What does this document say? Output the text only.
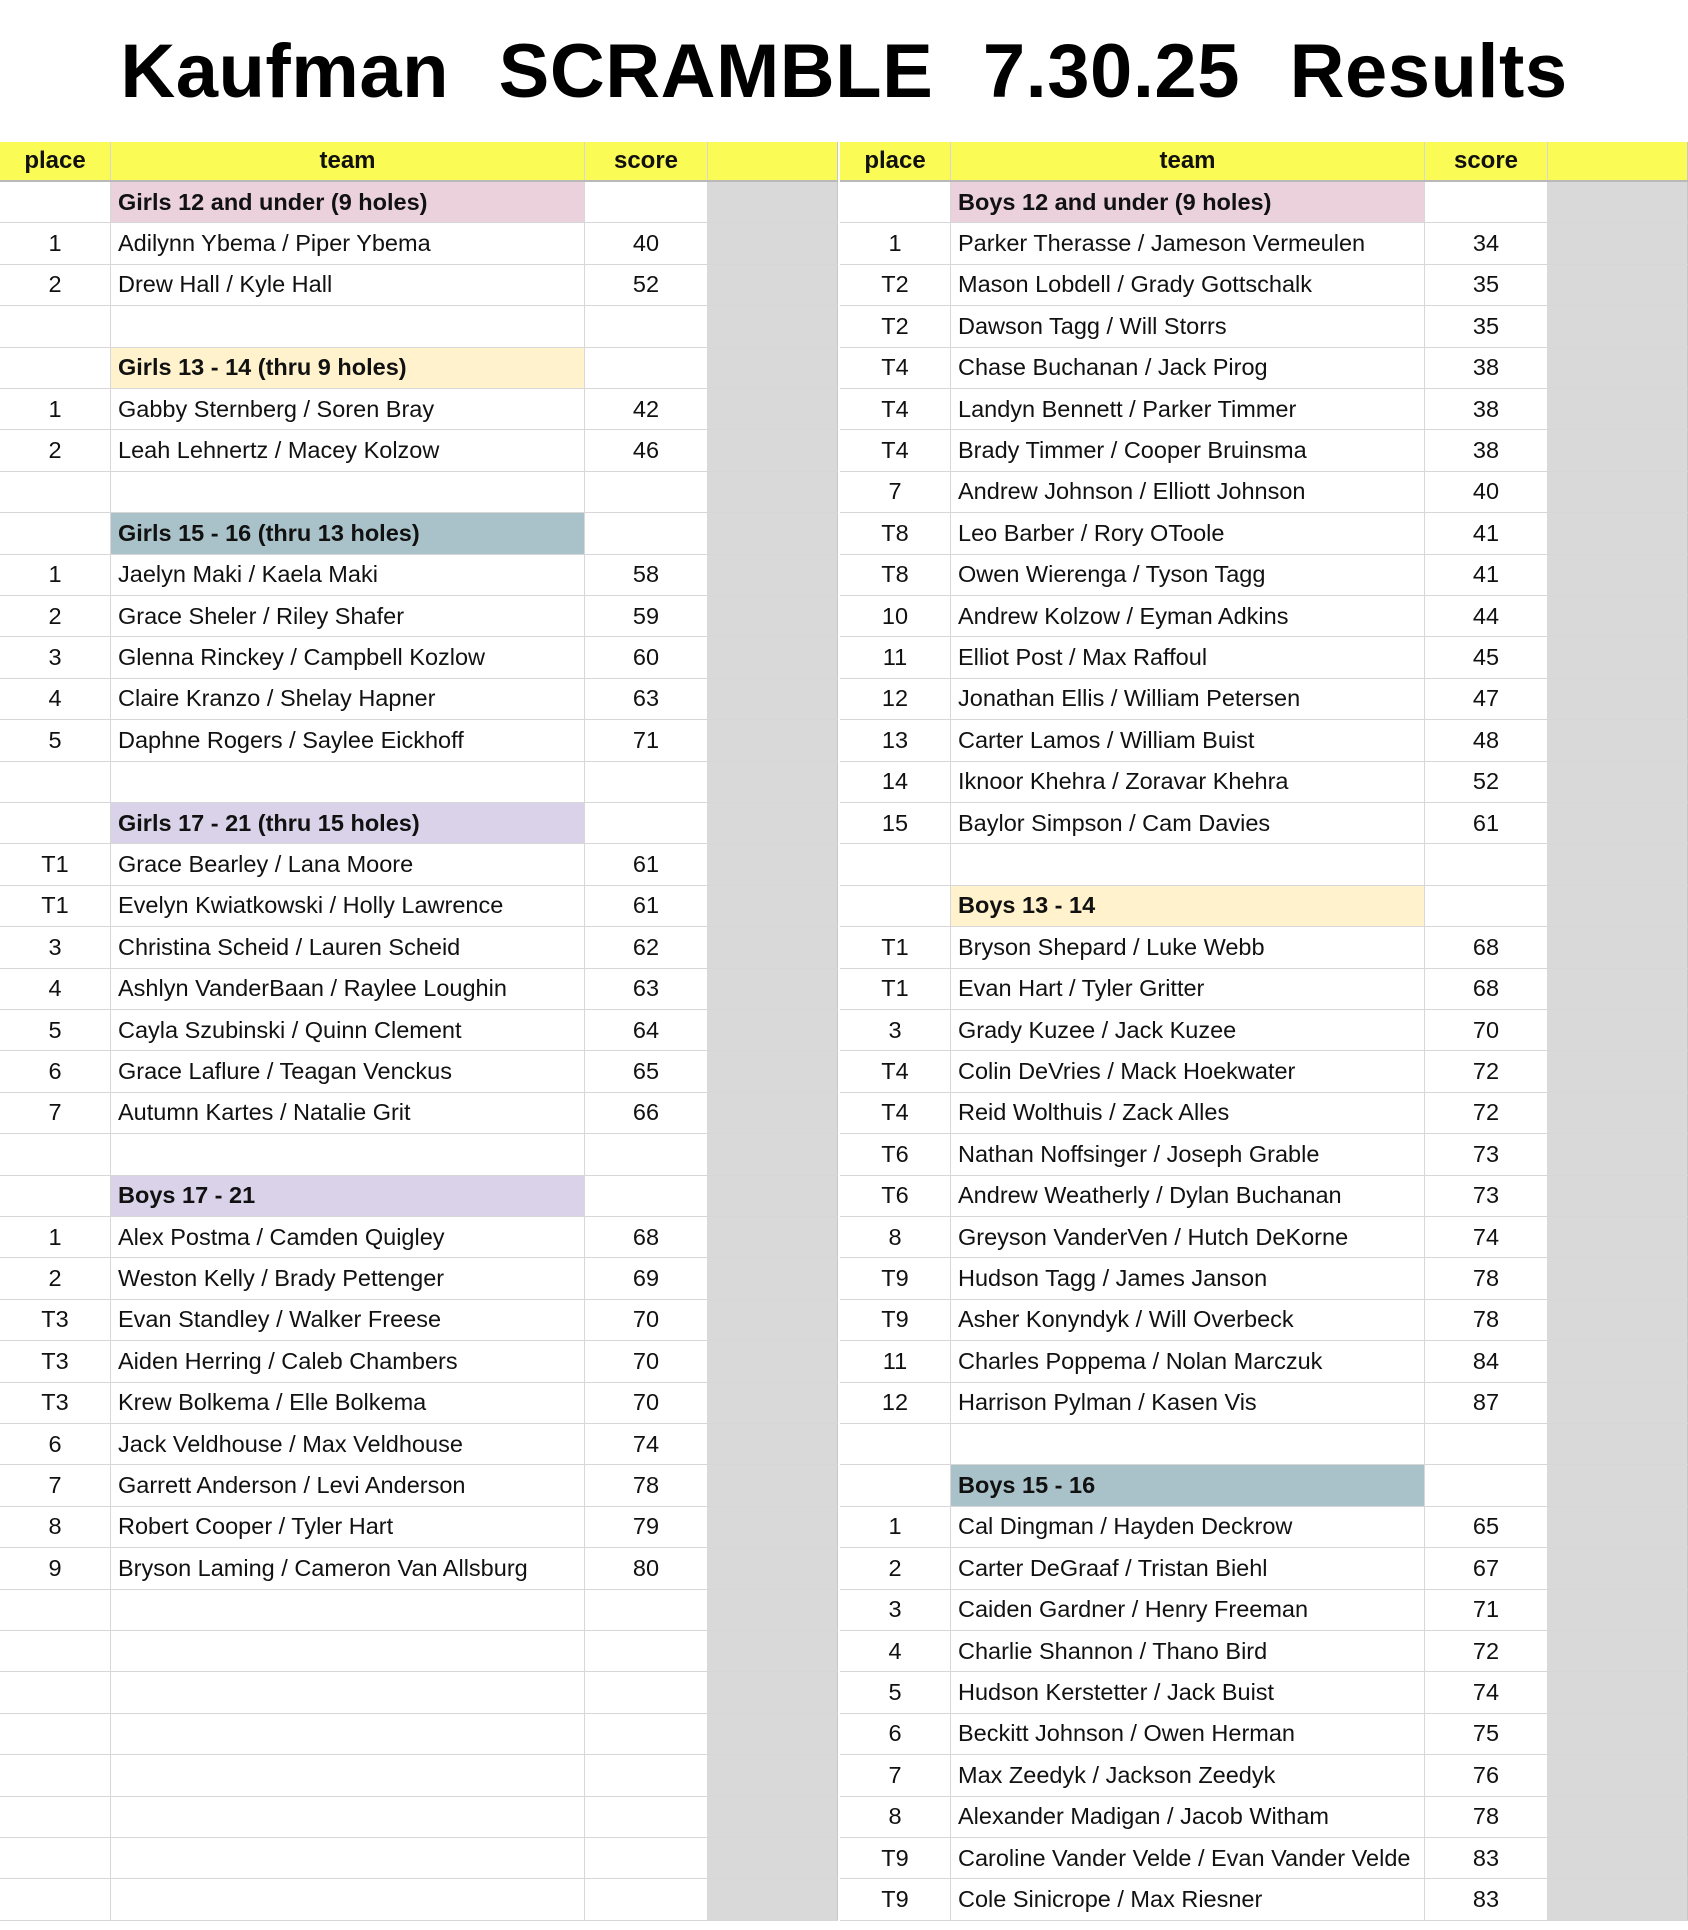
Kaufman SCRAMBLE 7.30.25 Results
place	team	score
Girls 12 and under (9 holes)
1	Adilynn Ybema / Piper Ybema	40
2	Drew Hall / Kyle Hall	52
Girls 13 - 14 (thru 9 holes)
1	Gabby Sternberg / Soren Bray	42
2	Leah Lehnertz / Macey Kolzow	46
Girls 15 - 16 (thru 13 holes)
1	Jaelyn Maki / Kaela Maki	58
2	Grace Sheler / Riley Shafer	59
3	Glenna Rinckey / Campbell Kozlow	60
4	Claire Kranzo / Shelay Hapner	63
5	Daphne Rogers / Saylee Eickhoff	71
Girls 17 - 21 (thru 15 holes)
T1	Grace Bearley / Lana Moore	61
T1	Evelyn Kwiatkowski / Holly Lawrence	61
3	Christina Scheid / Lauren Scheid	62
4	Ashlyn VanderBaan / Raylee Loughin	63
5	Cayla Szubinski / Quinn Clement	64
6	Grace Laflure / Teagan Venckus	65
7	Autumn Kartes / Natalie Grit	66
Boys 17 - 21
1	Alex Postma / Camden Quigley	68
2	Weston Kelly / Brady Pettenger	69
T3	Evan Standley / Walker Freese	70
T3	Aiden Herring / Caleb Chambers	70
T3	Krew Bolkema / Elle Bolkema	70
6	Jack Veldhouse / Max Veldhouse	74
7	Garrett Anderson / Levi Anderson	78
8	Robert Cooper / Tyler Hart	79
9	Bryson Laming / Cameron Van Allsburg	80
place	team	score
Boys 12 and under (9 holes)
1	Parker Therasse / Jameson Vermeulen	34
T2	Mason Lobdell / Grady Gottschalk	35
T2	Dawson Tagg / Will Storrs	35
T4	Chase Buchanan / Jack Pirog	38
T4	Landyn Bennett / Parker Timmer	38
T4	Brady Timmer / Cooper Bruinsma	38
7	Andrew Johnson / Elliott Johnson	40
T8	Leo Barber / Rory OToole	41
T8	Owen Wierenga / Tyson Tagg	41
10	Andrew Kolzow / Eyman Adkins	44
11	Elliot Post / Max Raffoul	45
12	Jonathan Ellis / William Petersen	47
13	Carter Lamos / William Buist	48
14	Iknoor Khehra / Zoravar Khehra	52
15	Baylor Simpson / Cam Davies	61
Boys 13 - 14
T1	Bryson Shepard / Luke Webb	68
T1	Evan Hart / Tyler Gritter	68
3	Grady Kuzee / Jack Kuzee	70
T4	Colin DeVries / Mack Hoekwater	72
T4	Reid Wolthuis / Zack Alles	72
T6	Nathan Noffsinger / Joseph Grable	73
T6	Andrew Weatherly / Dylan Buchanan	73
8	Greyson VanderVen / Hutch DeKorne	74
T9	Hudson Tagg / James Janson	78
T9	Asher Konyndyk / Will Overbeck	78
11	Charles Poppema / Nolan Marczuk	84
12	Harrison Pylman / Kasen Vis	87
Boys 15 - 16
1	Cal Dingman / Hayden Deckrow	65
2	Carter DeGraaf / Tristan Biehl	67
3	Caiden Gardner / Henry Freeman	71
4	Charlie Shannon / Thano Bird	72
5	Hudson Kerstetter / Jack Buist	74
6	Beckitt Johnson / Owen Herman	75
7	Max Zeedyk / Jackson Zeedyk	76
8	Alexander Madigan / Jacob Witham	78
T9	Caroline Vander Velde / Evan Vander Velde	83
T9	Cole Sinicrope / Max Riesner	83
